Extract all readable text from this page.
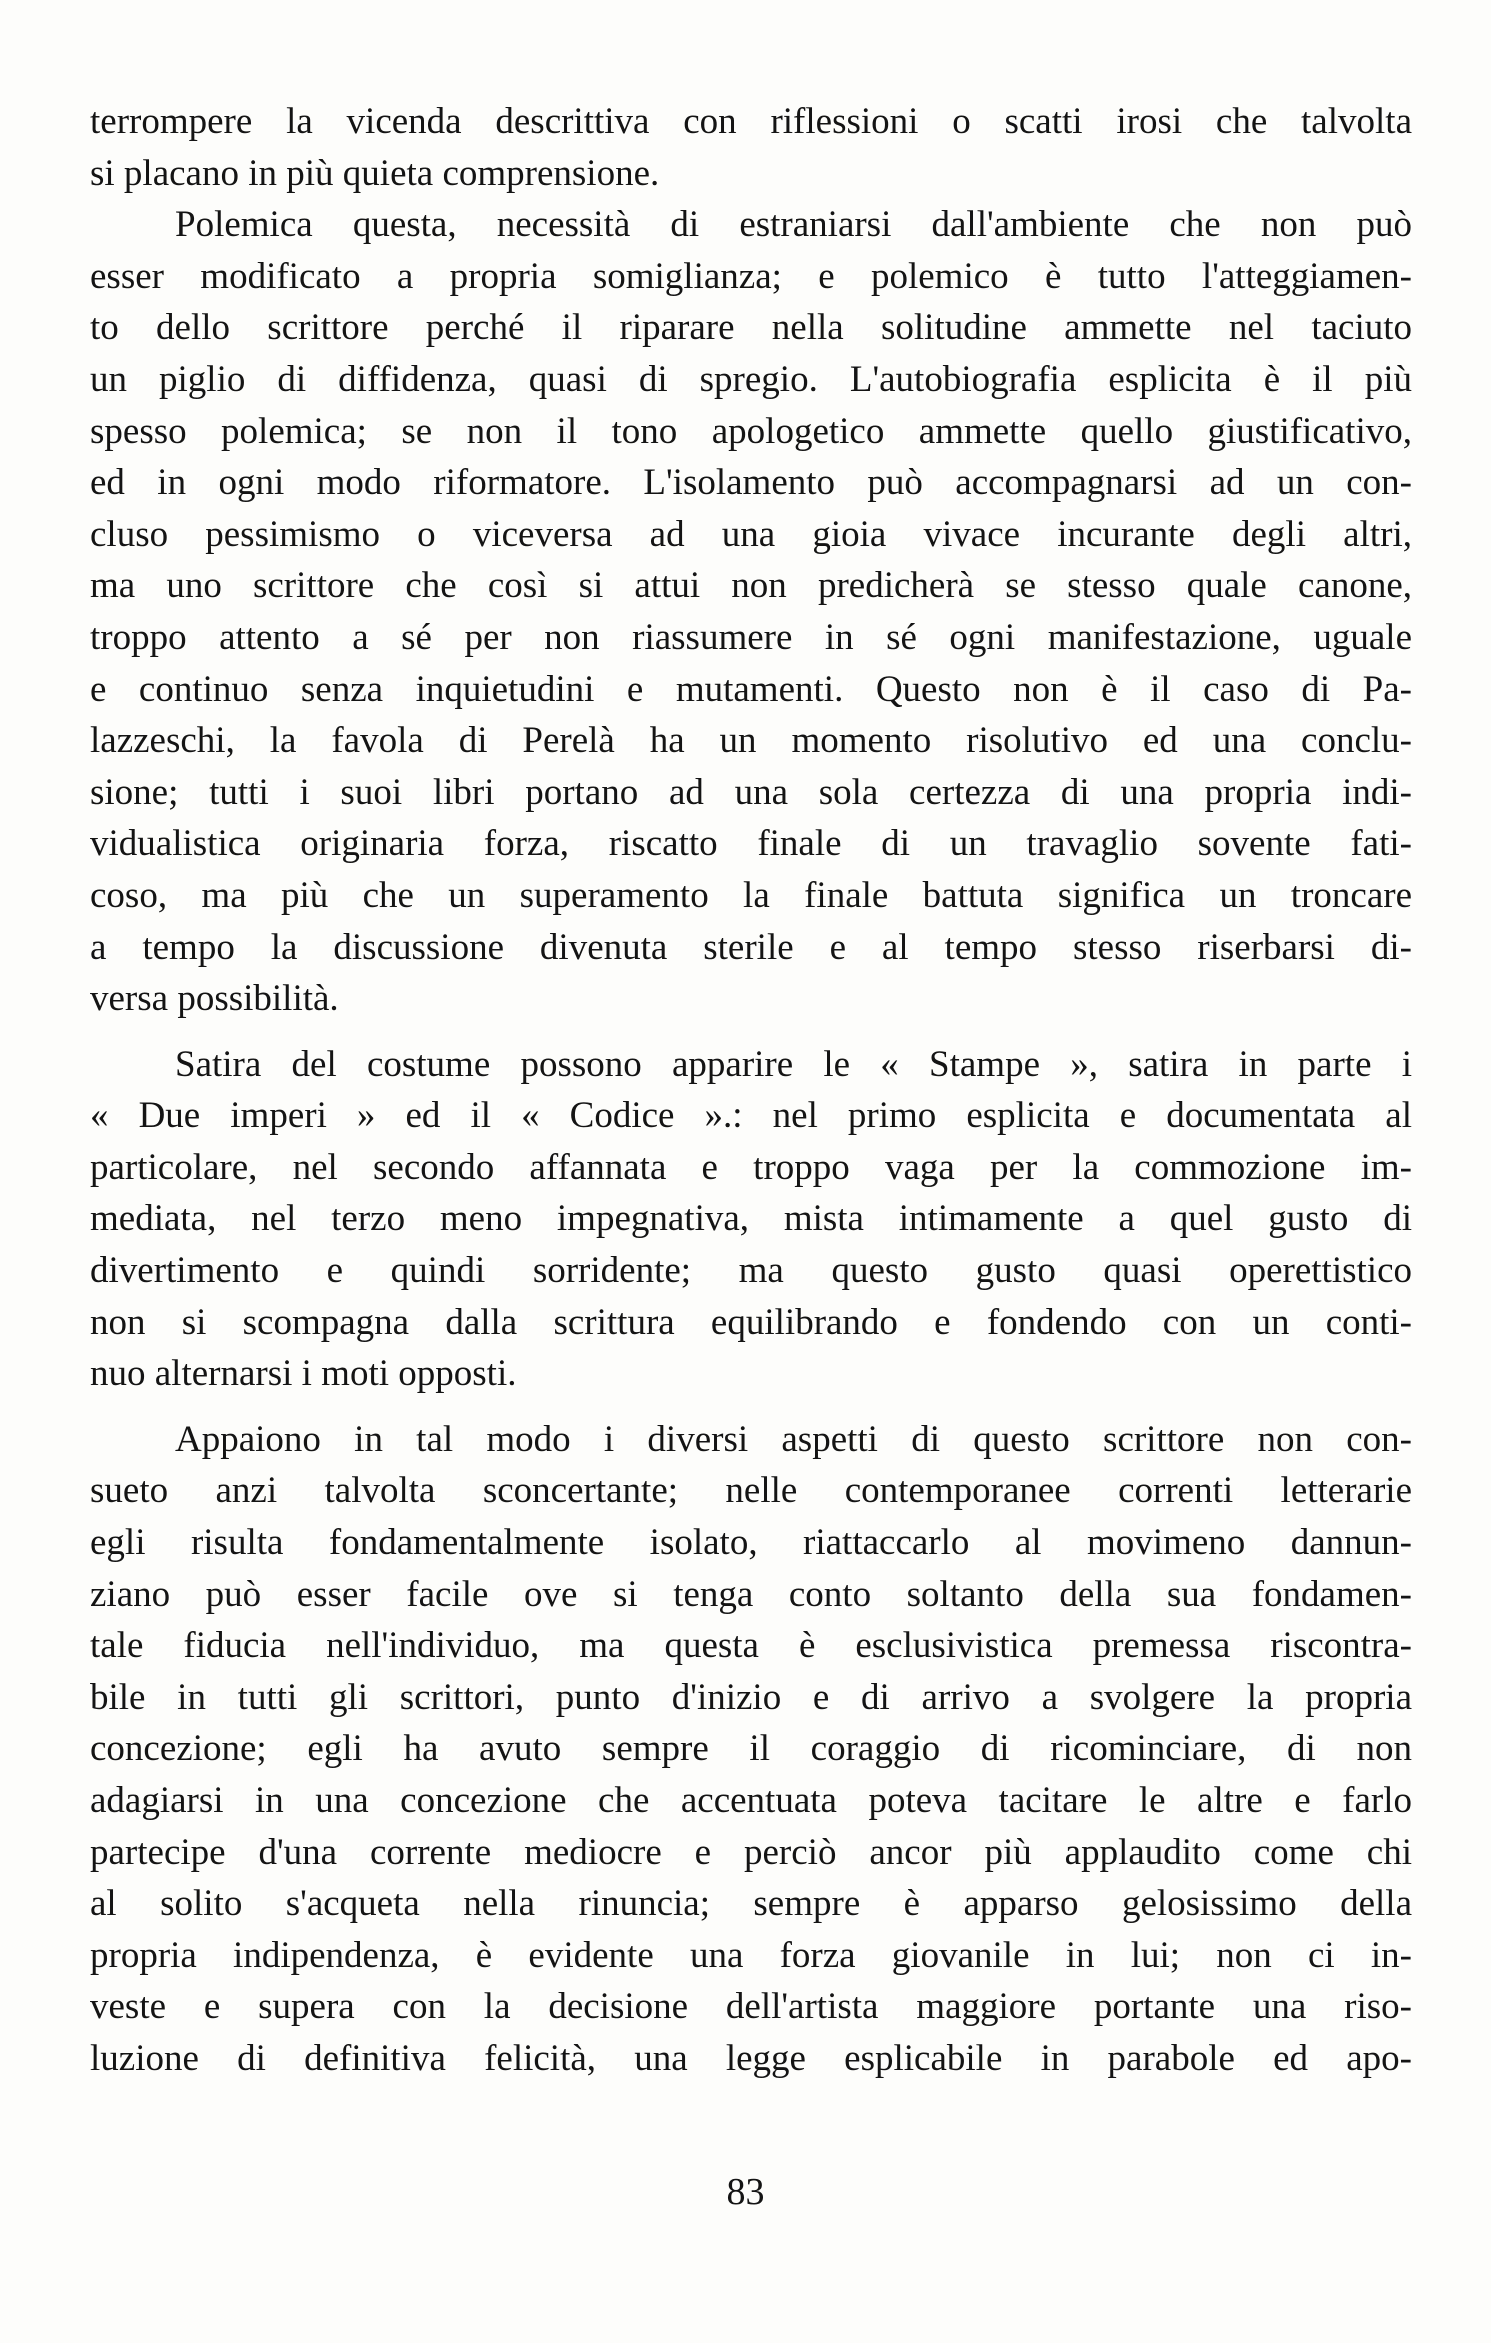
terrompere la vicenda descrittiva con riflessioni o scatti irosi che talvolta
si placano in più quieta comprensione.
Polemica questa, necessità di estraniarsi dall'ambiente che non può
esser modificato a propria somiglianza; e polemico è tutto l'atteggiamen-
to dello scrittore perché il riparare nella solitudine ammette nel taciuto
un piglio di diffidenza, quasi di spregio. L'autobiografia esplicita è il più
spesso polemica; se non il tono apologetico ammette quello giustificativo,
ed in ogni modo riformatore. L'isolamento può accompagnarsi ad un con-
cluso pessimismo o viceversa ad una gioia vivace incurante degli altri,
ma uno scrittore che così si attui non predicherà se stesso quale canone,
troppo attento a sé per non riassumere in sé ogni manifestazione, uguale
e continuo senza inquietudini e mutamenti. Questo non è il caso di Pa-
lazzeschi, la favola di Perelà ha un momento risolutivo ed una conclu-
sione; tutti i suoi libri portano ad una sola certezza di una propria indi-
vidualistica originaria forza, riscatto finale di un travaglio sovente fati-
coso, ma più che un superamento la finale battuta significa un troncare
a tempo la discussione divenuta sterile e al tempo stesso riserbarsi di-
versa possibilità.
Satira del costume possono apparire le « Stampe », satira in parte i
« Due imperi » ed il « Codice ».: nel primo esplicita e documentata al
particolare, nel secondo affannata e troppo vaga per la commozione im-
mediata, nel terzo meno impegnativa, mista intimamente a quel gusto di
divertimento e quindi sorridente; ma questo gusto quasi operettistico
non si scompagna dalla scrittura equilibrando e fondendo con un conti-
nuo alternarsi i moti opposti.
Appaiono in tal modo i diversi aspetti di questo scrittore non con-
sueto anzi talvolta sconcertante; nelle contemporanee correnti letterarie
egli risulta fondamentalmente isolato, riattaccarlo al movimeno dannun-
ziano può esser facile ove si tenga conto soltanto della sua fondamen-
tale fiducia nell'individuo, ma questa è esclusivistica premessa riscontra-
bile in tutti gli scrittori, punto d'inizio e di arrivo a svolgere la propria
concezione; egli ha avuto sempre il coraggio di ricominciare, di non
adagiarsi in una concezione che accentuata poteva tacitare le altre e farlo
partecipe d'una corrente mediocre e perciò ancor più applaudito come chi
al solito s'acqueta nella rinuncia; sempre è apparso gelosissimo della
propria indipendenza, è evidente una forza giovanile in lui; non ci in-
veste e supera con la decisione dell'artista maggiore portante una riso-
luzione di definitiva felicità, una legge esplicabile in parabole ed apo-
83
